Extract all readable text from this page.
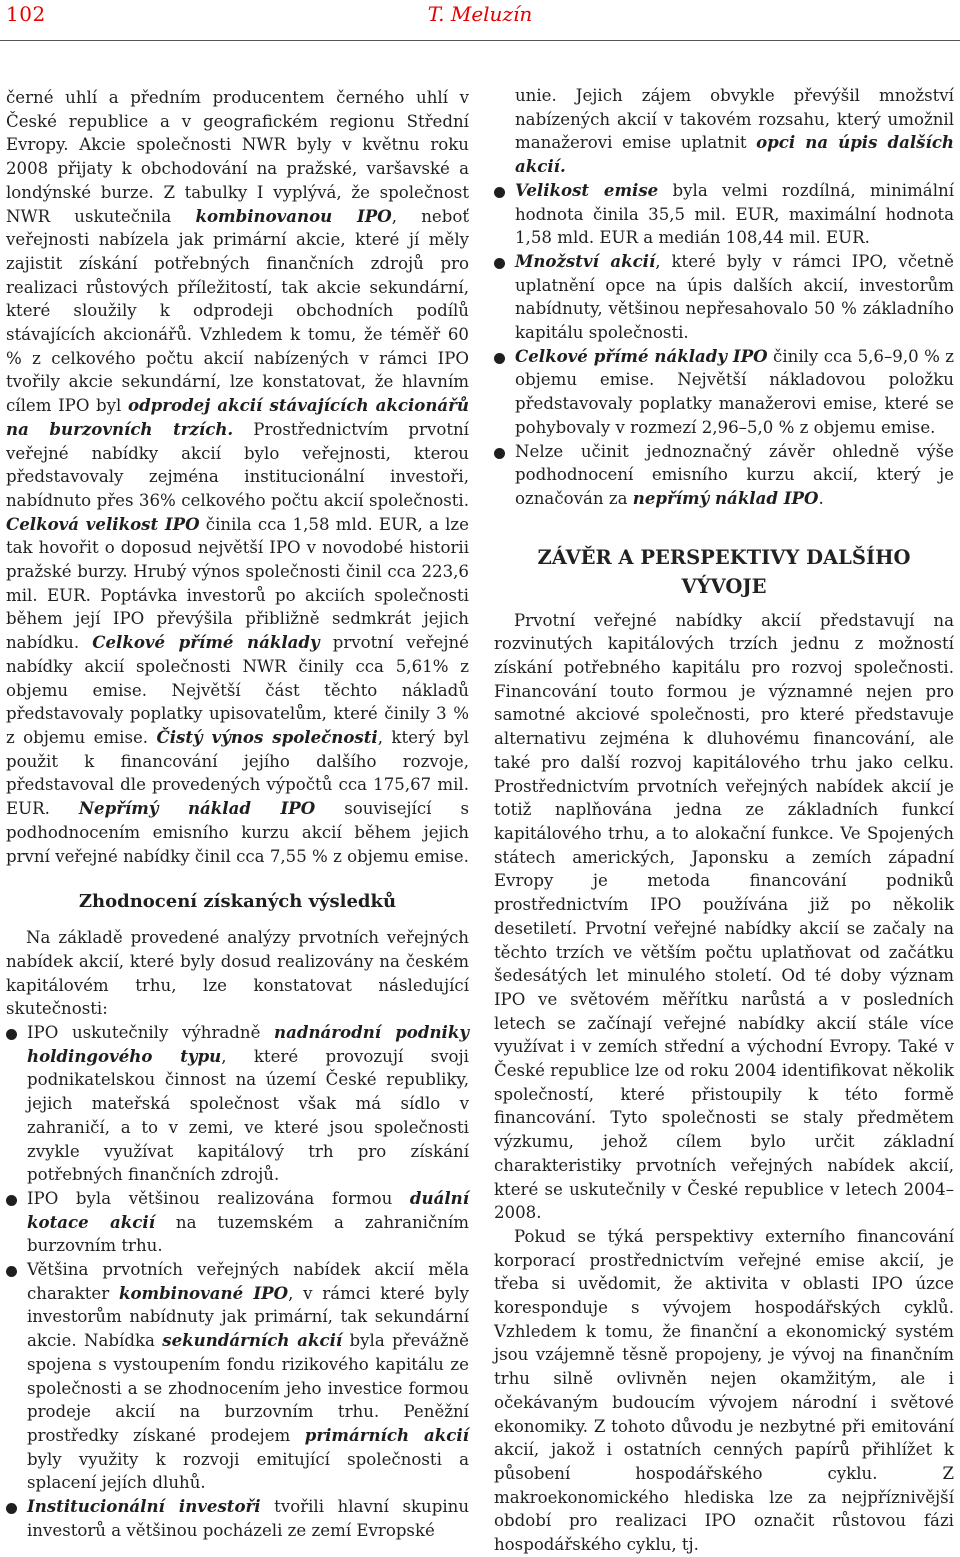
102	T. Meluzín

černé uhlí a předním producentem černého uhlí v České republice a v geografickém regionu Střední Evropy. Akcie společnosti NWR byly v květnu roku 2008 přijaty k obchodování na pražské, varšavské a londýnské burze. Z tabulky I vyplývá, že společnost NWR uskutečnila kombinovanou IPO, neboť veřejnosti nabízela jak primární akcie, které jí měly zajistit získání potřebných finančních zdrojů pro realizaci růstových příležitostí, tak akcie sekundární, které sloužily k odprodeji obchodních podílů stávajících akcionářů. Vzhledem k tomu, že téměř 60 % z celkového počtu akcií nabízených v rámci IPO tvořily akcie sekundární, lze konstatovat, že hlavním cílem IPO byl odprodej akcií stávajících akcionářů na burzovních trzích. Prostřednictvím prvotní veřejné nabídky akcií bylo veřejnosti, kterou představovaly zejména institucionální investoři, nabídnuto přes 36% celkového počtu akcií společnosti. Celková velikost IPO činila cca 1,58 mld. EUR, a lze tak hovořit o doposud největší IPO v novodobé historii pražské burzy. Hrubý výnos společnosti činil cca 223,6 mil. EUR. Poptávka investorů po akciích společnosti během její IPO převýšila přibližně sedmkrát jejich nabídku. Celkové přímé náklady prvotní veřejné nabídky akcií společnosti NWR činily cca 5,61% z objemu emise. Největší část těchto nákladů představovaly poplatky upisovatelům, které činily 3 % z objemu emise. Čistý výnos společnosti, který byl použit k financování jejího dalšího rozvoje, představoval dle provedených výpočtů cca 175,67 mil. EUR. Nepřímý náklad IPO související s podhodnocením emisního kurzu akcií během jejich první veřejné nabídky činil cca 7,55 % z objemu emise.

Zhodnocení získaných výsledků

Na základě provedené analýzy prvotních veřejných nabídek akcií, které byly dosud realizovány na českém kapitálovém trhu, lze konstatovat následující skutečnosti:

IPO uskutečnily výhradně nadnárodní podniky holdingového typu, které provozují svoji podnikatelskou činnost na území České republiky, jejich mateřská společnost však má sídlo v zahraničí, a to v zemi, ve které jsou společnosti zvykle využívat kapitálový trh pro získání potřebných finančních zdrojů.
IPO byla většinou realizována formou duální kotace akcií na tuzemském a zahraničním burzovním trhu.
Většina prvotních veřejných nabídek akcií měla charakter kombinované IPO, v rámci které byly investorům nabídnuty jak primární, tak sekundární akcie. Nabídka sekundárních akcií byla převážně spojena s vystoupením fondu rizikového kapitálu ze společnosti a se zhodnocením jeho investice formou prodeje akcií na burzovním trhu. Peněžní prostředky získané prodejem primárních akcií byly využity k rozvoji emitující společnosti a splacení jejích dluhů.
Institucionální investoři tvořili hlavní skupinu investorů a většinou pocházeli ze zemí Evropské

unie. Jejich zájem obvykle převýšil množství nabízených akcií v takovém rozsahu, který umožnil manažerovi emise uplatnit opci na úpis dalších akcií.

Velikost emise byla velmi rozdílná, minimální hodnota činila 35,5 mil. EUR, maximální hodnota 1,58 mld. EUR a medián 108,44 mil. EUR.
Množství akcií, které byly v rámci IPO, včetně uplatnění opce na úpis dalších akcií, investorům nabídnuty, většinou nepřesahovalo 50 % základního kapitálu společnosti.
Celkové přímé náklady IPO činily cca 5,6–9,0 % z objemu emise. Největší nákladovou položku představovaly poplatky manažerovi emise, které se pohybovaly v rozmezí 2,96–5,0 % z objemu emise.
Nelze učinit jednoznačný závěr ohledně výše podhodnocení emisního kurzu akcií, který je označován za nepřímý náklad IPO.
ZÁVĚR A PERSPEKTIVY DALŠÍHO VÝVOJE

Prvotní veřejné nabídky akcií představují na rozvinutých kapitálových trzích jednu z možností získání potřebného kapitálu pro rozvoj společnosti. Financování touto formou je významné nejen pro samotné akciové společnosti, pro které představuje alternativu zejména k dluhovému financování, ale také pro další rozvoj kapitálového trhu jako celku. Prostřednictvím prvotních veřejných nabídek akcií je totiž naplňována jedna ze základních funkcí kapitálového trhu, a to alokační funkce. Ve Spojených státech amerických, Japonsku a zemích západní Evropy je metoda financování podniků prostřednictvím IPO používána již po několik desetiletí. Prvotní veřejné nabídky akcií se začaly na těchto trzích ve větším počtu uplatňovat od začátku šedesátých let minulého století. Od té doby význam IPO ve světovém měřítku narůstá a v posledních letech se začínají veřejné nabídky akcií stále více využívat i v zemích střední a východní Evropy. Také v České republice lze od roku 2004 identifikovat několik společností, které přistoupily k této formě financování. Tyto společnosti se staly předmětem výzkumu, jehož cílem bylo určit základní charakteristiky prvotních veřejných nabídek akcií, které se uskutečnily v České republice v letech 2004–2008.

Pokud se týká perspektivy externího financování korporací prostřednictvím veřejné emise akcií, je třeba si uvědomit, že aktivita v oblasti IPO úzce koresponduje s vývojem hospodářských cyklů. Vzhledem k tomu, že finanční a ekonomický systém jsou vzájemně těsně propojeny, je vývoj na finančním trhu silně ovlivněn nejen okamžitým, ale i očekávaným budoucím vývojem národní i světové ekonomiky. Z tohoto důvodu je nezbytné při emitování akcií, jakož i ostatních cenných papírů přihlížet k působení hospodářského cyklu. Z makroekonomického hlediska lze za nejpříznivější období pro realizaci IPO označit růstovou fázi hospodářského cyklu, tj.
